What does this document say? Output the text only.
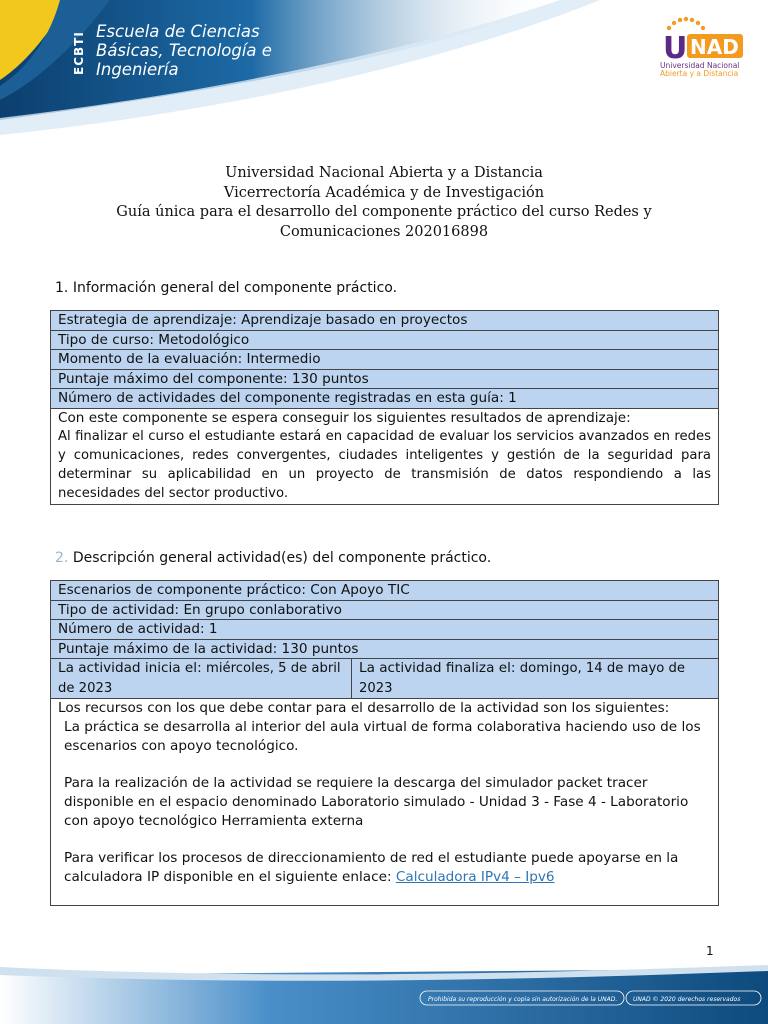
ECBTI Escuela de Ciencias
Básicas, Tecnología e
Ingeniería
U NAD
Universidad Nacional
Abierta y a Distancia
Universidad Nacional Abierta y a Distancia
Vicerrectoría Académica y de Investigación
Guía única para el desarrollo del componente práctico del curso Redes y
Comunicaciones 202016898
1. Información general del componente práctico.
Estrategia de aprendizaje: Aprendizaje basado en proyectos
Tipo de curso: Metodológico
Momento de la evaluación: Intermedio
Puntaje máximo del componente: 130 puntos
Número de actividades del componente registradas en esta guía: 1

Con este componente se espera conseguir los siguientes resultados de aprendizaje:
Al finalizar el curso el estudiante estará en capacidad de evaluar los servicios avanzados en redes y comunicaciones, redes convergentes, ciudades inteligentes y gestión de la seguridad para determinar su aplicabilidad en un proyecto de transmisión de datos respondiendo a las necesidades del sector productivo.
2. Descripción general actividad(es) del componente práctico.
Escenarios de componente práctico: Con Apoyo TIC
Tipo de actividad: En grupo conlaborativo
Número de actividad: 1
Puntaje máximo de la actividad: 130 puntos
La actividad inicia el: miércoles, 5 de abril de 2023	La actividad finaliza el: domingo, 14 de mayo de 2023

Los recursos con los que debe contar para el desarrollo de la actividad son los siguientes:

La práctica se desarrolla al interior del aula virtual de forma colaborativa haciendo uso de los escenarios con apoyo tecnológico.

Para la realización de la actividad se requiere la descarga del simulador packet tracer disponible en el espacio denominado Laboratorio simulado - Unidad 3 - Fase 4 - Laboratorio con apoyo tecnológico Herramienta externa

Para verificar los procesos de direccionamiento de red el estudiante puede apoyarse en la calculadora IP disponible en el siguiente enlace: Calculadora IPv4 – Ipv6

1
Prohibida su reproducción y copia sin autorización de la UNAD.	UNAD © 2020 derechos reservados
